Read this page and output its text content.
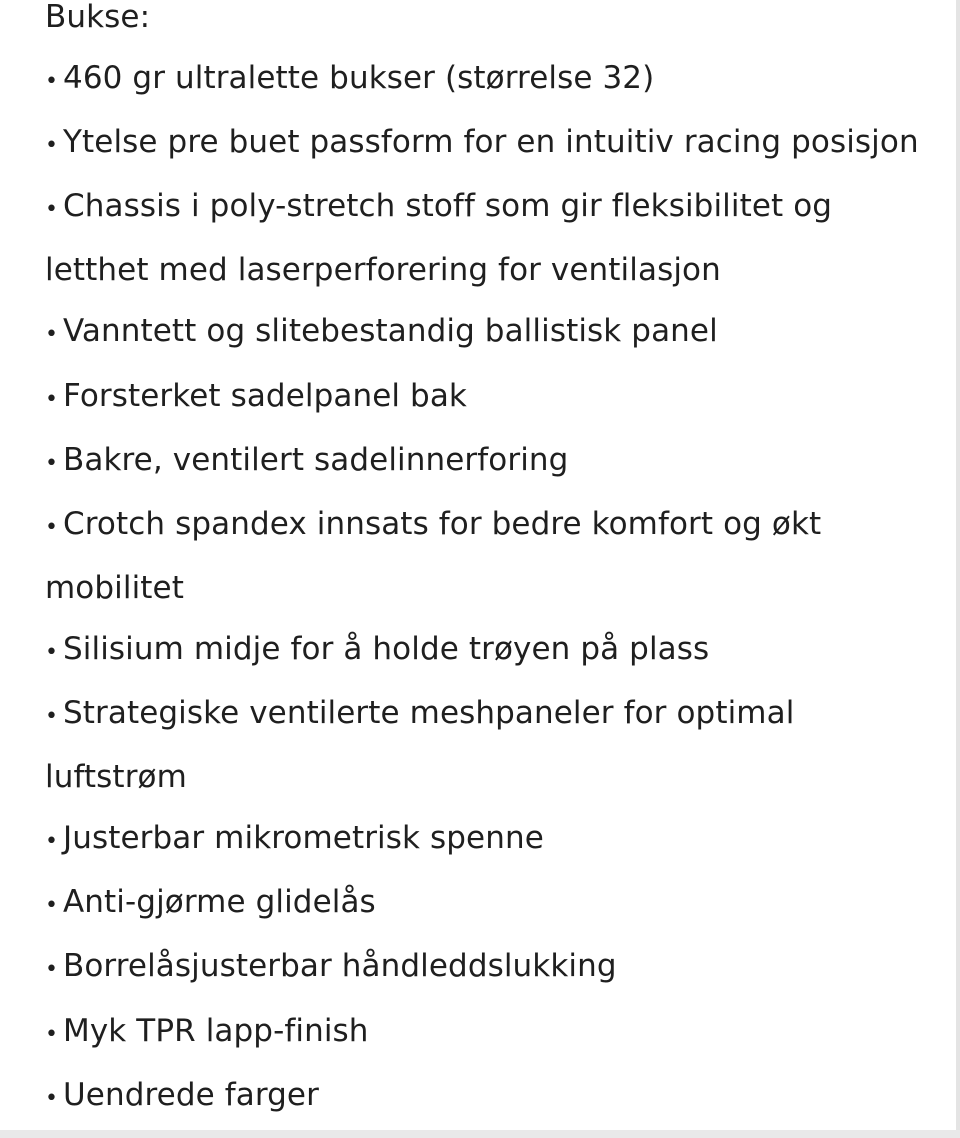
Bukse:

• 460 gr ultralette bukser (størrelse 32)
• Ytelse pre buet passform for en intuitiv racing posisjon
• Chassis i poly-stretch stoff som gir fleksibilitet og letthet med laserperforering for ventilasjon
• Vanntett og slitebestandig ballistisk panel
• Forsterket sadelpanel bak
• Bakre, ventilert sadelinnerforing
• Crotch spandex innsats for bedre komfort og økt mobilitet
• Silisium midje for å holde trøyen på plass
• Strategiske ventilerte meshpaneler for optimal luftstrøm
• Justerbar mikrometrisk spenne
• Anti-gjørme glidelås
• Borrelåsjusterbar håndleddslukking
• Myk TPR lapp-finish
• Uendrede farger
